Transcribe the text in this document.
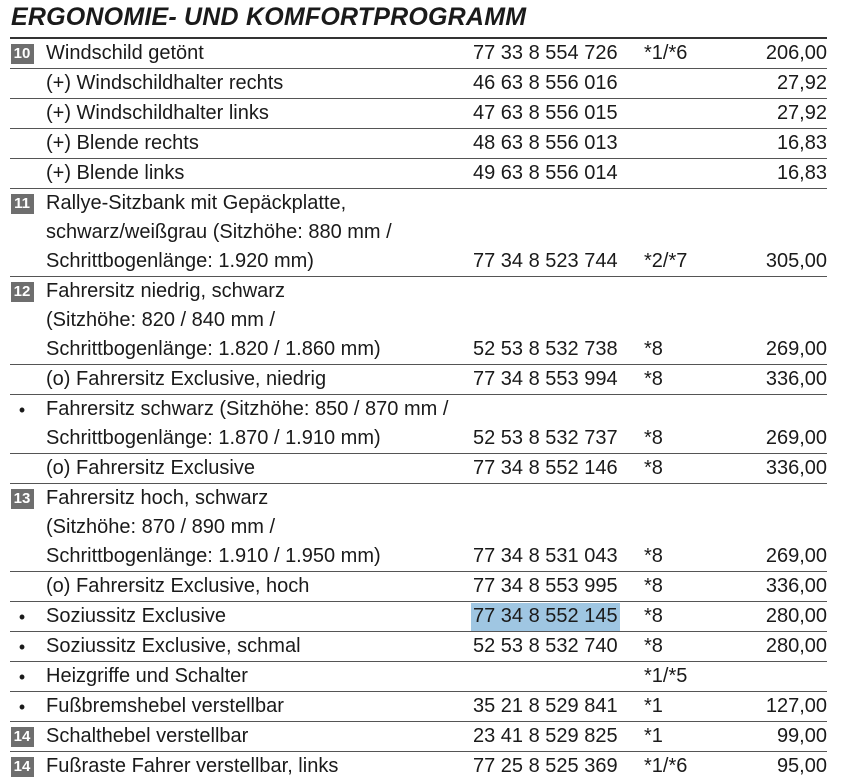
ERGONOMIE- UND KOMFORTPROGRAMM
10 Windschild getönt	77 33 8 554 726 *1/*6	206,00
(+) Windschildhalter rechts	46 63 8 556 016	27,92
(+) Windschildhalter links	47 63 8 556 015	27,92
(+) Blende rechts	48 63 8 556 013	16,83
(+) Blende links	49 63 8 556 014	16,83
11 Rallye-Sitzbank mit Gepäckplatte,
schwarz/weißgrau (Sitzhöhe: 880 mm /
Schrittbogenlänge: 1.920 mm)	77 34 8 523 744 *2/*7	305,00
12 Fahrersitz niedrig, schwarz
(Sitzhöhe: 820 / 840 mm /
Schrittbogenlänge: 1.820 / 1.860 mm)	52 53 8 532 738 *8	269,00
(o) Fahrersitz Exclusive, niedrig	77 34 8 553 994 *8	336,00
• Fahrersitz schwarz (Sitzhöhe: 850 / 870 mm /
Schrittbogenlänge: 1.870 / 1.910 mm)	52 53 8 532 737 *8	269,00
(o) Fahrersitz Exclusive	77 34 8 552 146 *8	336,00
13 Fahrersitz hoch, schwarz
(Sitzhöhe: 870 / 890 mm /
Schrittbogenlänge: 1.910 / 1.950 mm)	77 34 8 531 043 *8	269,00
(o) Fahrersitz Exclusive, hoch	77 34 8 553 995 *8	336,00
• Soziussitz Exclusive	77 34 8 552 145 *8	280,00
• Soziussitz Exclusive, schmal	52 53 8 532 740 *8	280,00
• Heizgriffe und Schalter	*1/*5
• Fußbremshebel verstellbar	35 21 8 529 841 *1	127,00
14 Schalthebel verstellbar	23 41 8 529 825 *1	99,00
14 Fußraste Fahrer verstellbar, links	77 25 8 525 369 *1/*6	95,00
